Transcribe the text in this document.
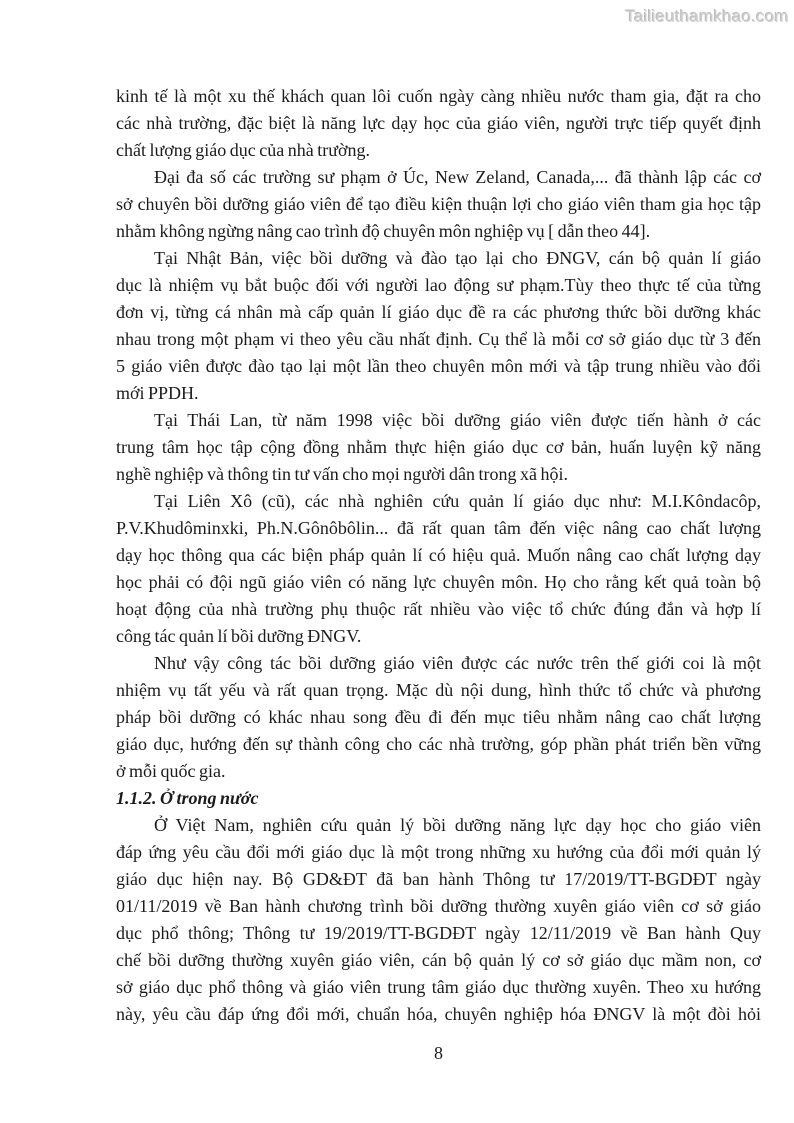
Tailieuthamkhao.com
kinh tế là một xu thế khách quan lôi cuốn ngày càng nhiều nước tham gia, đặt ra cho
các nhà trường, đặc biệt là năng lực dạy học của giáo viên, người trực tiếp quyết định
chất lượng giáo dục của nhà trường.
Đại đa số các trường sư phạm ở Úc, New Zeland, Canada,... đã thành lập các cơ
sở chuyên bồi dưỡng giáo viên để tạo điều kiện thuận lợi cho giáo viên tham gia học tập
nhằm không ngừng nâng cao trình độ chuyên môn nghiệp vụ [ dẫn theo 44].
Tại Nhật Bản, việc bồi dưỡng và đào tạo lại cho ĐNGV, cán bộ quản lí giáo
dục là nhiệm vụ bắt buộc đối với người lao động sư phạm.Tùy theo thực tế của từng
đơn vị, từng cá nhân mà cấp quản lí giáo dục đề ra các phương thức bồi dưỡng khác
nhau trong một phạm vi theo yêu cầu nhất định. Cụ thể là mỗi cơ sở giáo dục từ 3 đến
5 giáo viên được đào tạo lại một lần theo chuyên môn mới và tập trung nhiều vào đổi
mới PPDH.
Tại Thái Lan, từ năm 1998 việc bồi dưỡng giáo viên được tiến hành ở các
trung tâm học tập cộng đồng nhằm thực hiện giáo dục cơ bản, huấn luyện kỹ năng
nghề nghiệp và thông tin tư vấn cho mọi người dân trong xã hội.
Tại Liên Xô (cũ), các nhà nghiên cứu quản lí giáo dục như: M.I.Kôndacôp,
P.V.Khudôminxki, Ph.N.Gônôbôlin... đã rất quan tâm đến việc nâng cao chất lượng
dạy học thông qua các biện pháp quản lí có hiệu quả. Muốn nâng cao chất lượng dạy
học phải có đội ngũ giáo viên có năng lực chuyên môn. Họ cho rằng kết quả toàn bộ
hoạt động của nhà trường phụ thuộc rất nhiều vào việc tổ chức đúng đắn và hợp lí
công tác quản lí bồi dưỡng ĐNGV.
Như vậy công tác bồi dưỡng giáo viên được các nước trên thế giới coi là một
nhiệm vụ tất yếu và rất quan trọng. Mặc dù nội dung, hình thức tổ chức và phương
pháp bồi dưỡng có khác nhau song đều đi đến mục tiêu nhằm nâng cao chất lượng
giáo dục, hướng đến sự thành công cho các nhà trường, góp phần phát triển bền vững
ở mỗi quốc gia.
1.1.2. Ở trong nước
Ở Việt Nam, nghiên cứu quản lý bồi dưỡng năng lực dạy học cho giáo viên
đáp ứng yêu cầu đổi mới giáo dục là một trong những xu hướng của đổi mới quản lý
giáo dục hiện nay. Bộ GD&ĐT đã ban hành Thông tư 17/2019/TT-BGDĐT ngày
01/11/2019 về Ban hành chương trình bồi dưỡng thường xuyên giáo viên cơ sở giáo
dục phổ thông; Thông tư 19/2019/TT-BGDĐT ngày 12/11/2019 về Ban hành Quy
chế bồi dưỡng thường xuyên giáo viên, cán bộ quản lý cơ sở giáo dục mầm non, cơ
sở giáo dục phổ thông và giáo viên trung tâm giáo dục thường xuyên. Theo xu hướng
này, yêu cầu đáp ứng đổi mới, chuẩn hóa, chuyên nghiệp hóa ĐNGV là một đòi hỏi
8
